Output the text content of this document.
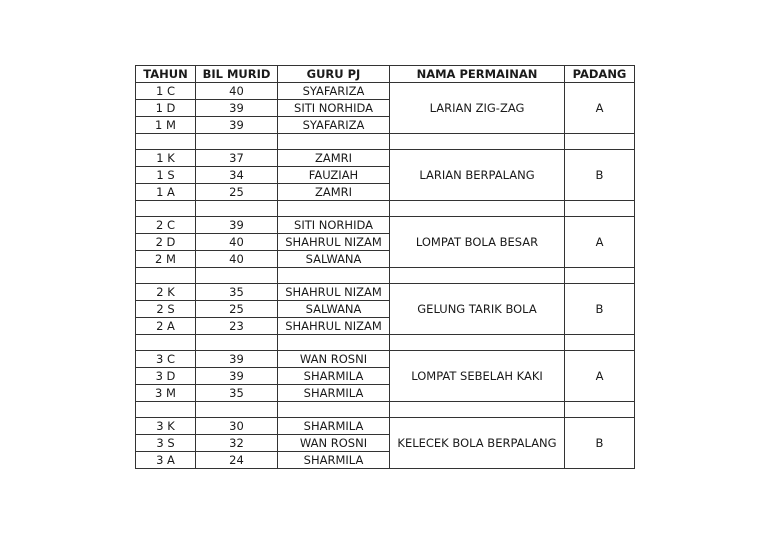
TAHUN	BIL MURID	GURU PJ	NAMA PERMAINAN	PADANG
1 C	40	SYAFARIZA	LARIAN ZIG-ZAG	A
1 D	39	SITI NORHIDA		
1 M	39	SYAFARIZA		

1 K	37	ZAMRI	LARIAN BERPALANG	B
1 S	34	FAUZIAH		
1 A	25	ZAMRI		

2 C	39	SITI NORHIDA	LOMPAT BOLA BESAR	A
2 D	40	SHAHRUL NIZAM		
2 M	40	SALWANA		

2 K	35	SHAHRUL NIZAM	GELUNG TARIK BOLA	B
2 S	25	SALWANA		
2 A	23	SHAHRUL NIZAM		

3 C	39	WAN ROSNI	LOMPAT SEBELAH KAKI	A
3 D	39	SHARMILA		
3 M	35	SHARMILA		

3 K	30	SHARMILA	KELECEK BOLA BERPALANG	B
3 S	32	WAN ROSNI		
3 A	24	SHARMILA		
